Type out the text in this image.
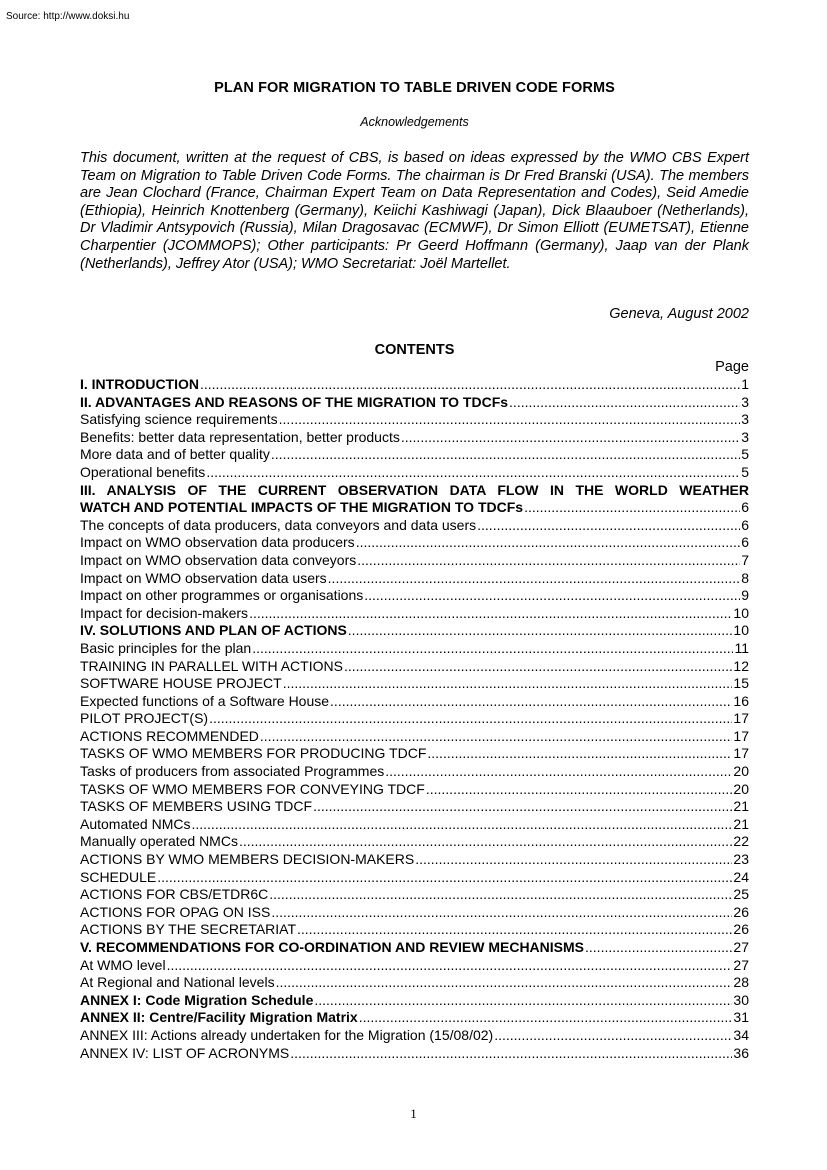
Source: http://www.doksi.hu
PLAN FOR MIGRATION TO TABLE DRIVEN CODE FORMS
Acknowledgements

This document, written at the request of CBS, is based on ideas expressed by the WMO CBS Expert Team on Migration to Table Driven Code Forms. The chairman is Dr Fred Branski (USA). The members are Jean Clochard (France, Chairman Expert Team on Data Representation and Codes), Seid Amedie (Ethiopia), Heinrich Knottenberg (Germany), Keiichi Kashiwagi (Japan), Dick Blaauboer (Netherlands), Dr Vladimir Antsypovich (Russia), Milan Dragosavac (ECMWF), Dr Simon Elliott (EUMETSAT), Etienne Charpentier (JCOMMOPS); Other participants: Pr Geerd Hoffmann (Germany), Jaap van der Plank (Netherlands), Jeffrey Ator (USA); WMO Secretariat: Joël Martellet.

Geneva, August 2002
CONTENTS
Page
I. INTRODUCTION .....	1
II. ADVANTAGES AND REASONS OF THE MIGRATION TO TDCFs .....	3
Satisfying science requirements .....	3
Benefits: better data representation, better products .....	3
More data and of better quality .....	5
Operational benefits .....	5
III. ANALYSIS OF THE CURRENT OBSERVATION DATA FLOW IN THE WORLD WEATHER
WATCH AND POTENTIAL IMPACTS OF THE MIGRATION TO TDCFs .....	6
The concepts of data producers, data conveyors and data users .....	6
Impact on WMO observation data producers .....	6
Impact on WMO observation data conveyors .....	7
Impact on WMO observation data users .....	8
Impact on other programmes or organisations .....	9
Impact for decision-makers .....	10
IV. SOLUTIONS AND PLAN OF ACTIONS .....	10
Basic principles for the plan .....	11
TRAINING IN PARALLEL WITH ACTIONS .....	12
SOFTWARE HOUSE PROJECT .....	15
Expected functions of a Software House .....	16
PILOT PROJECT(S) .....	17
ACTIONS RECOMMENDED .....	17
TASKS OF WMO MEMBERS FOR PRODUCING TDCF .....	17
Tasks of producers from associated Programmes .....	20
TASKS OF WMO MEMBERS FOR CONVEYING TDCF .....	20
TASKS OF MEMBERS USING TDCF .....	21
Automated NMCs .....	21
Manually operated NMCs .....	22
ACTIONS BY WMO MEMBERS DECISION-MAKERS .....	23
SCHEDULE .....	24
ACTIONS FOR CBS/ETDR6C .....	25
ACTIONS FOR OPAG ON ISS .....	26
ACTIONS BY THE SECRETARIAT .....	26
V. RECOMMENDATIONS FOR CO-ORDINATION AND REVIEW MECHANISMS .....	27
At WMO level .....	27
At Regional and National levels .....	28
ANNEX I: Code Migration Schedule .....	30
ANNEX II: Centre/Facility Migration Matrix .....	31
ANNEX III: Actions already undertaken for the Migration (15/08/02) .....	34
ANNEX IV: LIST OF ACRONYMS .....	36
1
